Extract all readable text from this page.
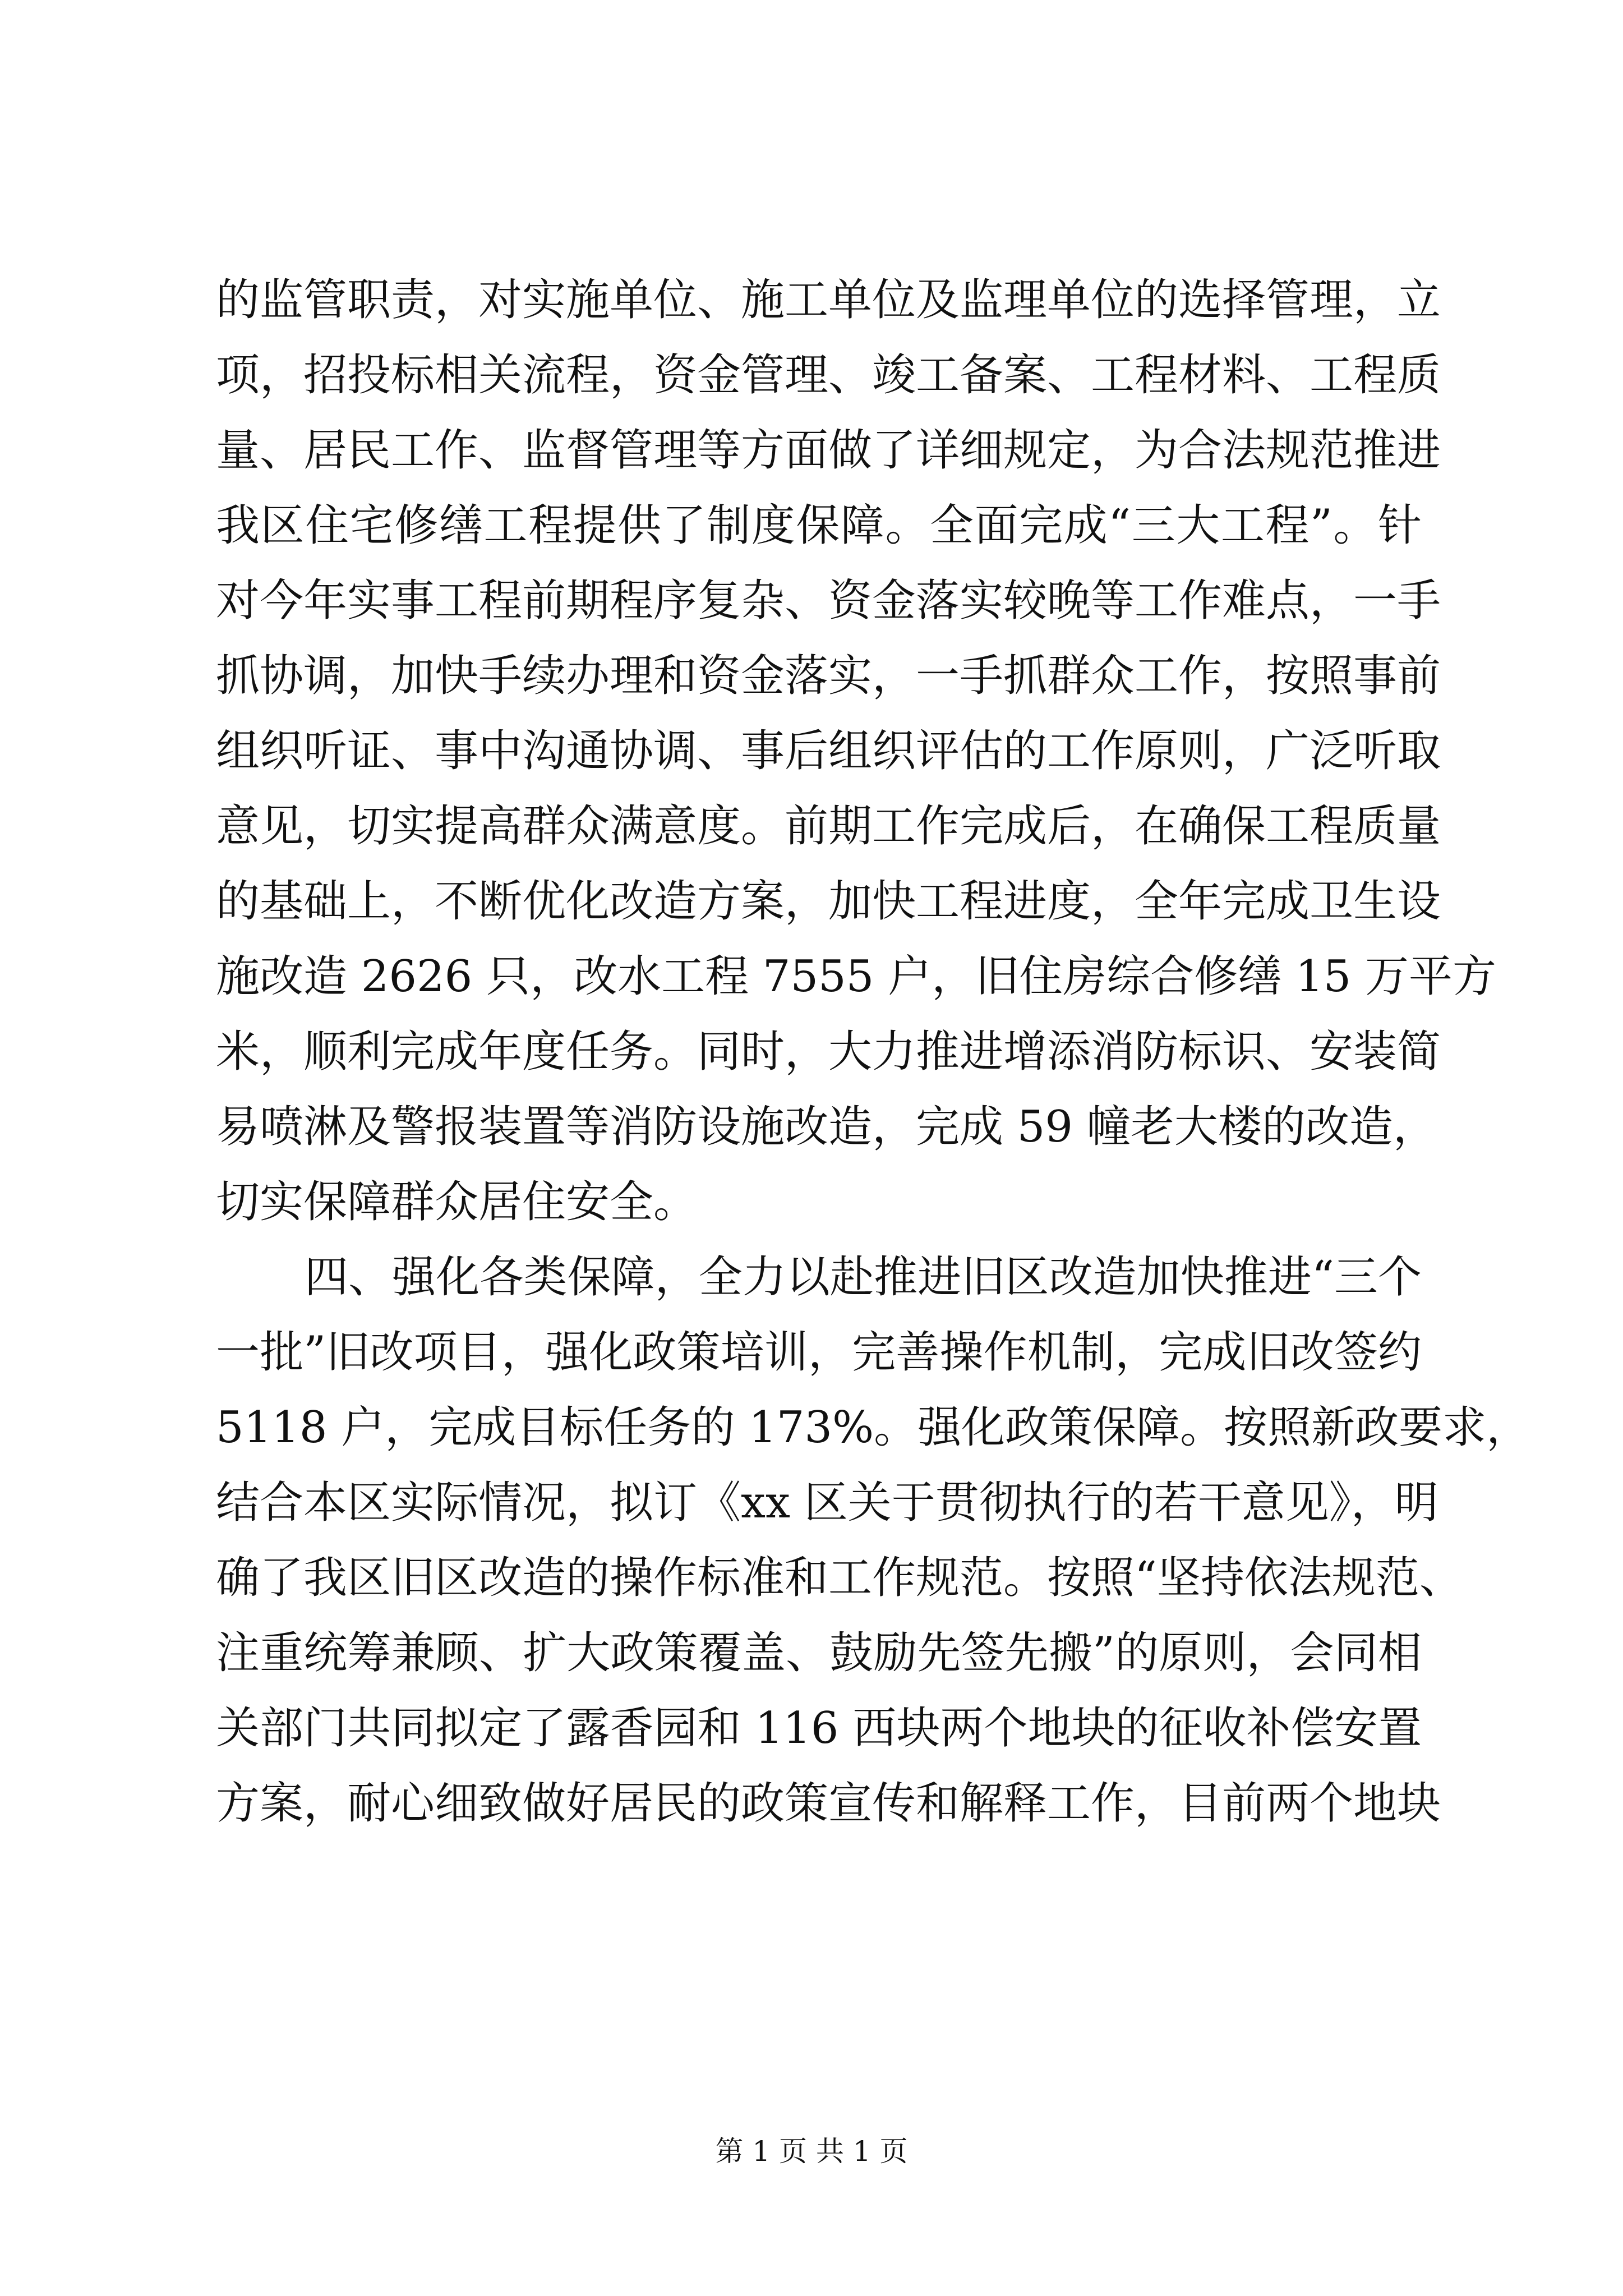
的监管职责，对实施单位、施工单位及监理单位的选择管理，立
项，招投标相关流程，资金管理、竣工备案、工程材料、工程质
量、居民工作、监督管理等方面做了详细规定，为合法规范推进
我区住宅修缮工程提供了制度保障。全面完成“三大工程”。针
对今年实事工程前期程序复杂、资金落实较晚等工作难点，一手
抓协调，加快手续办理和资金落实，一手抓群众工作，按照事前
组织听证、事中沟通协调、事后组织评估的工作原则，广泛听取
意见，切实提高群众满意度。前期工作完成后，在确保工程质量
的基础上，不断优化改造方案，加快工程进度，全年完成卫生设
施改造 2626 只，改水工程 7555 户，旧住房综合修缮 15 万平方
米，顺利完成年度任务。同时，大力推进增添消防标识、安装简
易喷淋及警报装置等消防设施改造，完成 59 幢老大楼的改造，
切实保障群众居住安全。
四、强化各类保障，全力以赴推进旧区改造加快推进“三个
一批”旧改项目，强化政策培训，完善操作机制，完成旧改签约
5118 户，完成目标任务的 173%。强化政策保障。按照新政要求，
结合本区实际情况，拟订《xx 区关于贯彻执行的若干意见》，明
确了我区旧区改造的操作标准和工作规范。按照“坚持依法规范、
注重统筹兼顾、扩大政策覆盖、鼓励先签先搬”的原则，会同相
关部门共同拟定了露香园和 116 西块两个地块的征收补偿安置
方案，耐心细致做好居民的政策宣传和解释工作，目前两个地块
第 1 页 共 1 页
